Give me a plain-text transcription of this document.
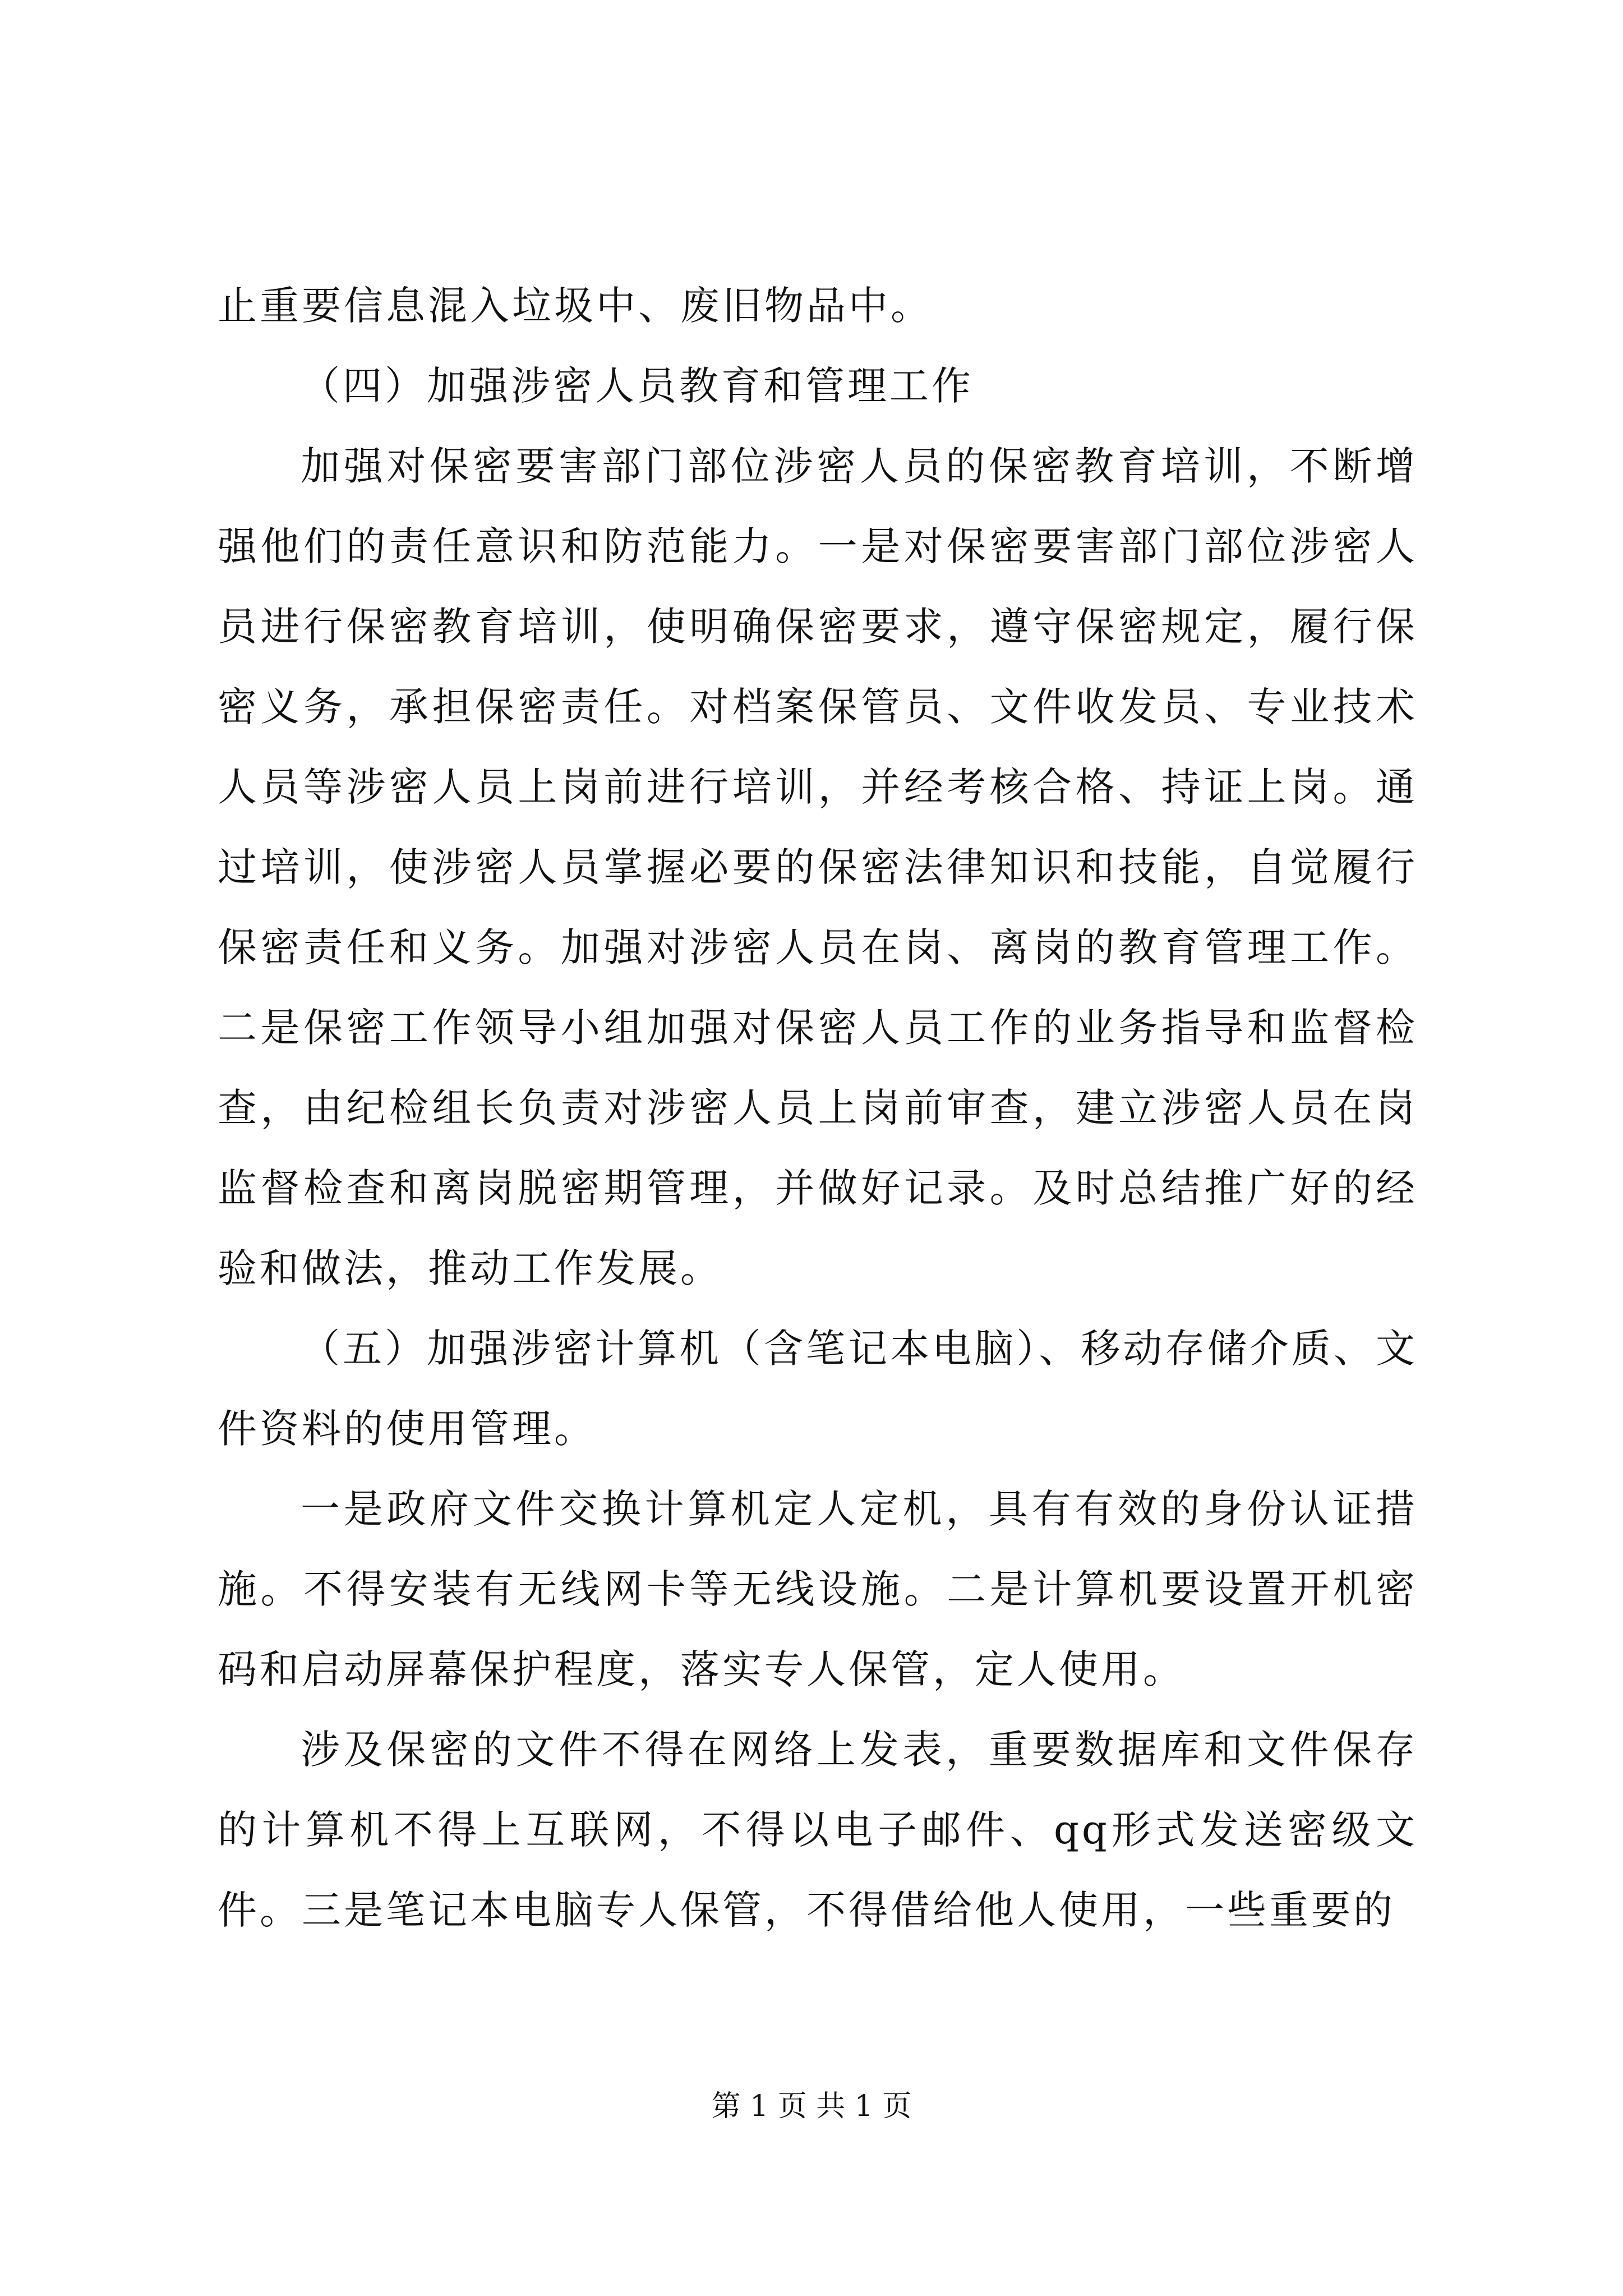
止重要信息混入垃圾中、废旧物品中。

（四）加强涉密人员教育和管理工作

加强对保密要害部门部位涉密人员的保密教育培训，不断增强他们的责任意识和防范能力。一是对保密要害部门部位涉密人员进行保密教育培训，使明确保密要求，遵守保密规定，履行保密义务，承担保密责任。对档案保管员、文件收发员、专业技术人员等涉密人员上岗前进行培训，并经考核合格、持证上岗。通过培训，使涉密人员掌握必要的保密法律知识和技能，自觉履行保密责任和义务。加强对涉密人员在岗、离岗的教育管理工作。二是保密工作领导小组加强对保密人员工作的业务指导和监督检查，由纪检组长负责对涉密人员上岗前审查，建立涉密人员在岗监督检查和离岗脱密期管理，并做好记录。及时总结推广好的经验和做法，推动工作发展。

（五）加强涉密计算机（含笔记本电脑）、移动存储介质、文件资料的使用管理。

一是政府文件交换计算机定人定机，具有有效的身份认证措施。不得安装有无线网卡等无线设施。二是计算机要设置开机密码和启动屏幕保护程度，落实专人保管，定人使用。

涉及保密的文件不得在网络上发表，重要数据库和文件保存的计算机不得上互联网，不得以电子邮件、qq形式发送密级文件。三是笔记本电脑专人保管，不得借给他人使用，一些重要的

第 1 页 共 1 页
